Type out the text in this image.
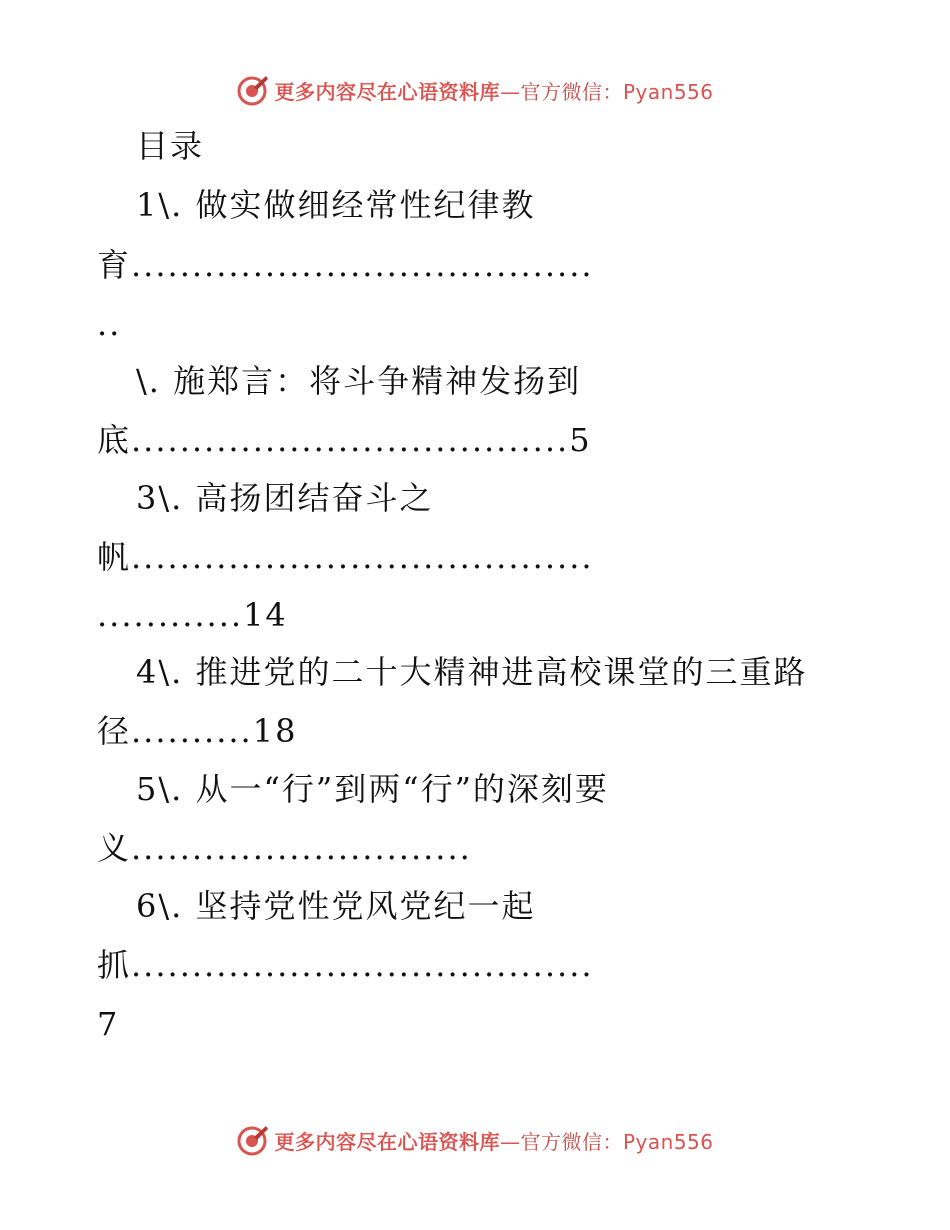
更多内容尽在心语资料库—官方微信：Pyan556
目录
1\. 做实做细经常性纪律教
育......................................
..
\. 施郑言：将斗争精神发扬到
底....................................5
3\. 高扬团结奋斗之
帆......................................
............14
4\. 推进党的二十大精神进高校课堂的三重路
径..........18
5\. 从一“行”到两“行”的深刻要
义............................
6\. 坚持党性党风党纪一起
抓......................................
7
更多内容尽在心语资料库—官方微信：Pyan556
